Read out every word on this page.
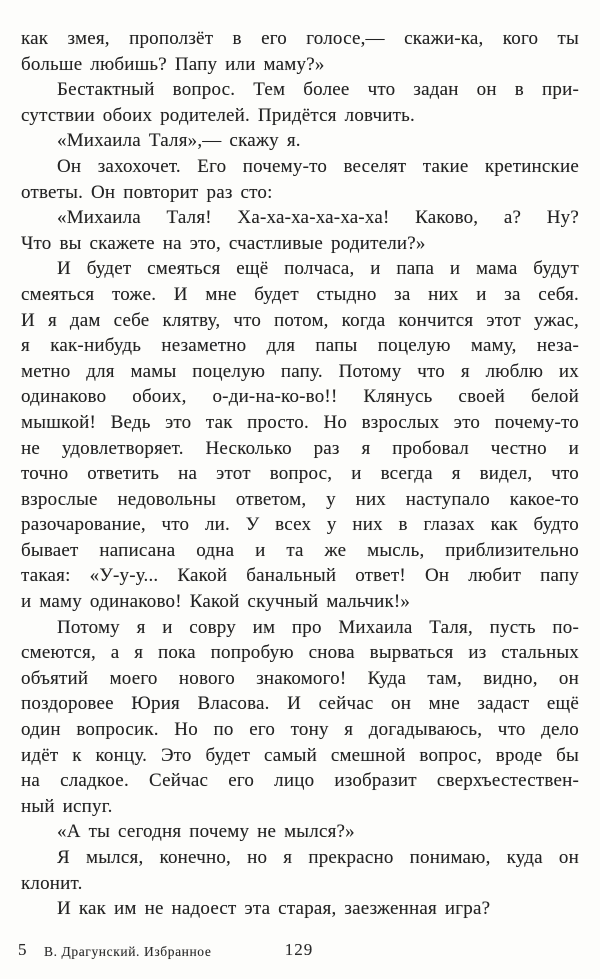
как змея, проползёт в его голосе,— скажи-ка, кого ты
больше любишь? Папу или маму?»
Бестактный вопрос. Тем более что задан он в при-
сутствии обоих родителей. Придётся ловчить.
«Михаила Таля»,— скажу я.
Он захохочет. Его почему-то веселят такие кретинские
ответы. Он повторит раз сто:
«Михаила Таля! Ха-ха-ха-ха-ха-ха! Каково, а? Ну?
Что вы скажете на это, счастливые родители?»
И будет смеяться ещё полчаса, и папа и мама будут
смеяться тоже. И мне будет стыдно за них и за себя.
И я дам себе клятву, что потом, когда кончится этот ужас,
я как-нибудь незаметно для папы поцелую маму, неза-
метно для мамы поцелую папу. Потому что я люблю их
одинаково обоих, о-ди-на-ко-во!! Клянусь своей белой
мышкой! Ведь это так просто. Но взрослых это почему-то
не удовлетворяет. Несколько раз я пробовал честно и
точно ответить на этот вопрос, и всегда я видел, что
взрослые недовольны ответом, у них наступало какое-то
разочарование, что ли. У всех у них в глазах как будто
бывает написана одна и та же мысль, приблизительно
такая: «У-у-у... Какой банальный ответ! Он любит папу
и маму одинаково! Какой скучный мальчик!»
Потому я и совру им про Михаила Таля, пусть по-
смеются, а я пока попробую снова вырваться из стальных
объятий моего нового знакомого! Куда там, видно, он
поздоровее Юрия Власова. И сейчас он мне задаст ещё
один вопросик. Но по его тону я догадываюсь, что дело
идёт к концу. Это будет самый смешной вопрос, вроде бы
на сладкое. Сейчас его лицо изобразит сверхъестествен-
ный испуг.
«А ты сегодня почему не мылся?»
Я мылся, конечно, но я прекрасно понимаю, куда он
клонит.
И как им не надоест эта старая, заезженная игра?
5 В. Драгунский. Избранное	129
